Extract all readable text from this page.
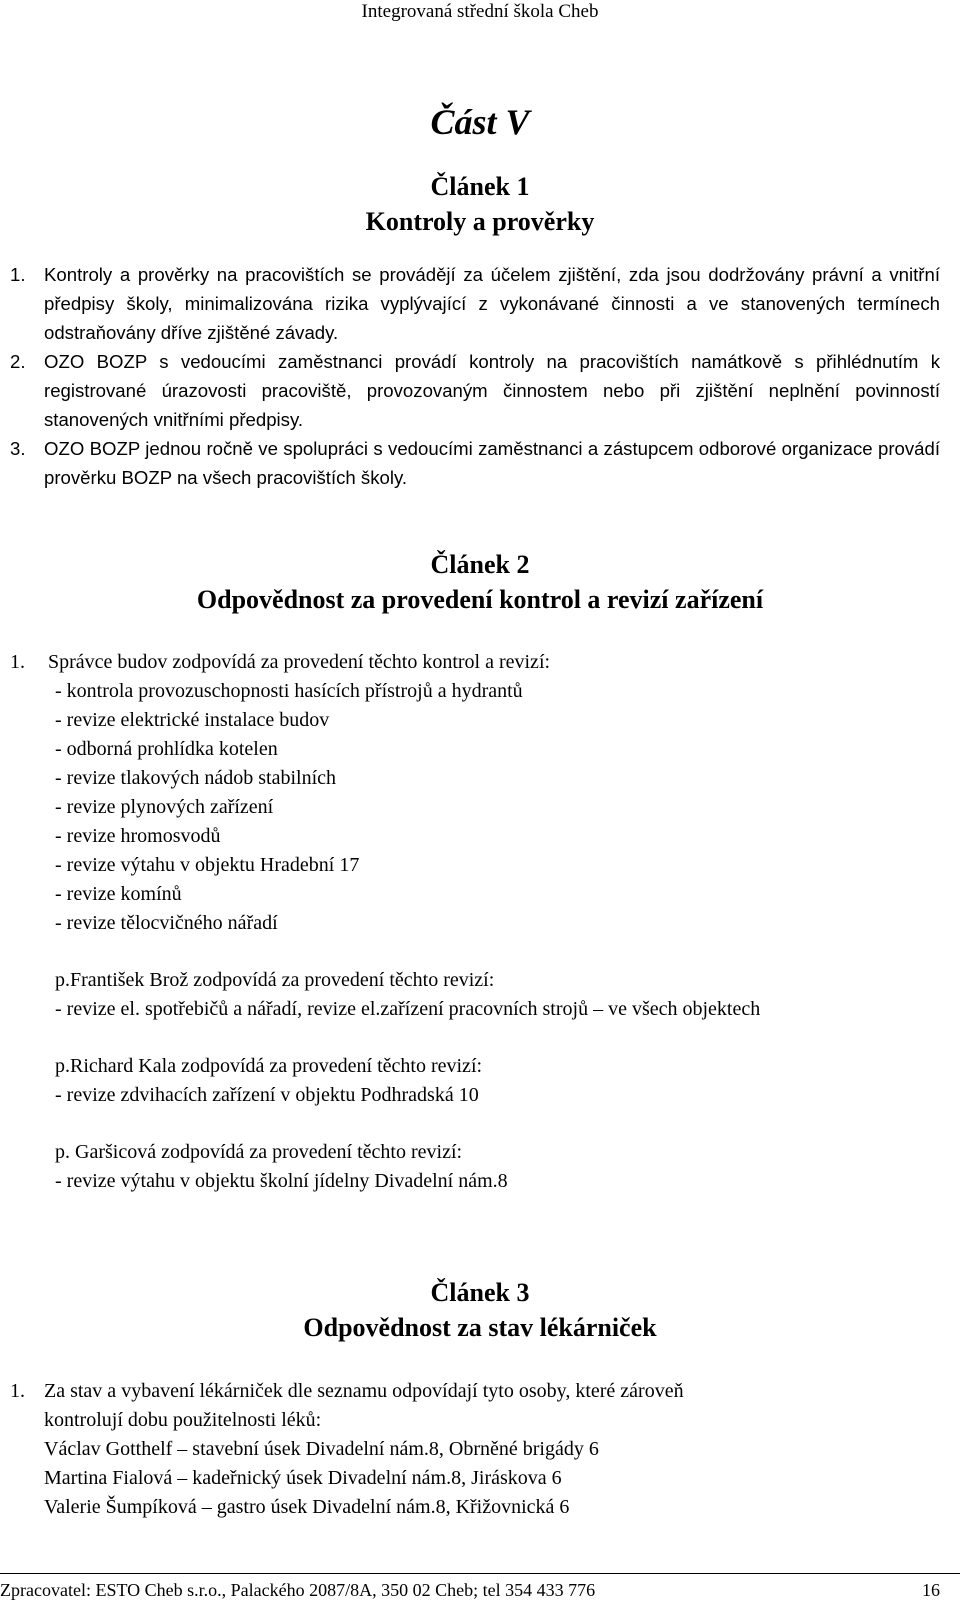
Integrovaná střední škola Cheb
Část V
Článek 1
Kontroly a prověrky
1. Kontroly a prověrky na pracovištích se provádějí za účelem zjištění, zda jsou dodržovány právní a vnitřní předpisy školy, minimalizována rizika vyplývající z vykonávané činnosti a ve stanovených termínech odstraňovány dříve zjištěné závady.
2. OZO BOZP s vedoucími zaměstnanci provádí kontroly na pracovištích namátkově s přihlédnutím k registrované úrazovosti pracoviště, provozovaným činnostem nebo při zjištění neplnění povinností stanovených vnitřními předpisy.
3. OZO BOZP jednou ročně ve spolupráci s vedoucími zaměstnanci a zástupcem odborové organizace provádí prověrku BOZP na všech pracovištích školy.
Článek 2
Odpovědnost za provedení kontrol a revizí zařízení
1. Správce budov zodpovídá za provedení těchto kontrol a revizí:
- kontrola provozuschopnosti hasících přístrojů a hydrantů
- revize elektrické instalace budov
- odborná prohlídka kotelen
- revize tlakových nádob stabilních
- revize plynových zařízení
- revize hromosvodů
- revize výtahu v objektu Hradební 17
- revize komínů
- revize tělocvičného nářadí
p.František Brož zodpovídá za provedení těchto revizí:
- revize el. spotřebičů a nářadí, revize el.zařízení pracovních strojů – ve všech objektech
p.Richard Kala zodpovídá za provedení těchto revizí:
- revize zdvihacích zařízení v objektu Podhradská 10
p. Garšicová zodpovídá za provedení těchto revizí:
- revize výtahu v objektu školní jídelny Divadelní nám.8
Článek 3
Odpovědnost za stav lékárniček
1. Za stav a vybavení lékárniček dle seznamu odpovídají tyto osoby, které zároveň
kontrolují dobu použitelnosti léků:
Václav Gotthelf – stavební úsek Divadelní nám.8, Obrněné brigády 6
Martina Fialová – kadeřnický úsek Divadelní nám.8, Jiráskova 6
Valerie Šumpíková – gastro úsek Divadelní nám.8, Křižovnická 6
Zpracovatel: ESTO Cheb s.r.o., Palackého 2087/8A, 350 02 Cheb; tel 354 433 776	16
